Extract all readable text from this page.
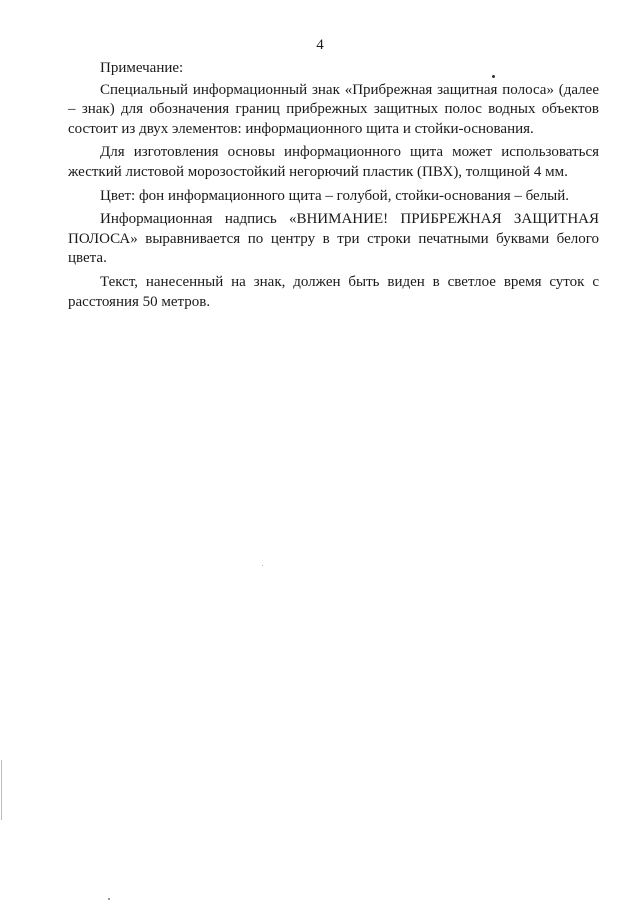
4

Примечание:

Специальный информационный знак «Прибрежная защитная полоса» (далее – знак) для обозначения границ прибрежных защитных полос водных объектов состоит из двух элементов: информационного щита и стойки-основания.

Для изготовления основы информационного щита может использоваться жесткий листовой морозостойкий негорючий пластик (ПВХ), толщиной 4 мм.

Цвет: фон информационного щита – голубой, стойки-основания – белый.

Информационная надпись «ВНИМАНИЕ! ПРИБРЕЖНАЯ ЗАЩИТНАЯ ПОЛОСА» выравнивается по центру в три строки печатными буквами белого цвета.

Текст, нанесенный на знак, должен быть виден в светлое время суток с расстояния 50 метров.
